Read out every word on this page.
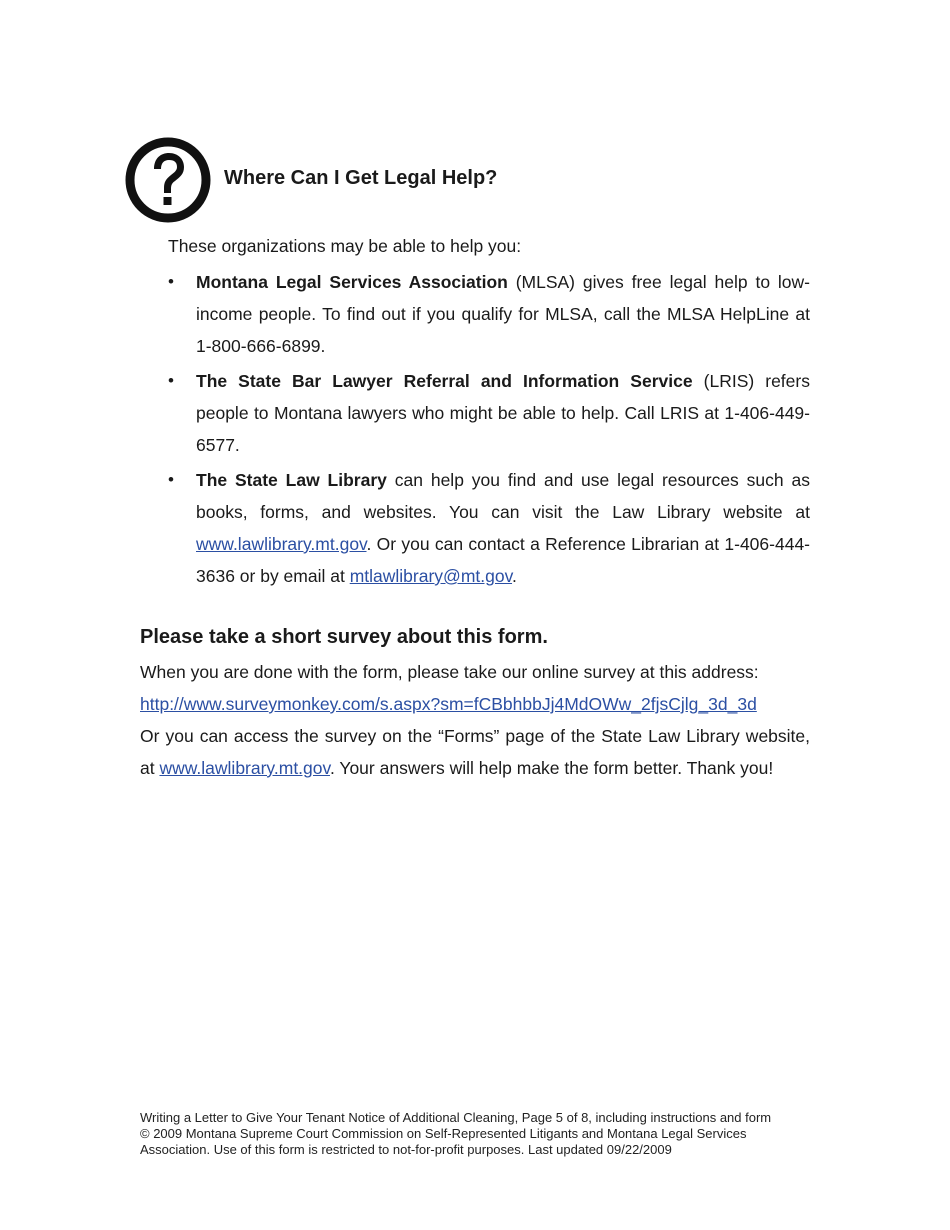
Where Can I Get Legal Help?

These organizations may be able to help you:

• Montana Legal Services Association (MLSA) gives free legal help to low-income people. To find out if you qualify for MLSA, call the MLSA HelpLine at 1-800-666-6899.
• The State Bar Lawyer Referral and Information Service (LRIS) refers people to Montana lawyers who might be able to help. Call LRIS at 1-406-449-6577.
• The State Law Library can help you find and use legal resources such as books, forms, and websites. You can visit the Law Library website at www.lawlibrary.mt.gov. Or you can contact a Reference Librarian at 1-406-444-3636 or by email at mtlawlibrary@mt.gov.
Please take a short survey about this form.

When you are done with the form, please take our online survey at this address:

http://www.surveymonkey.com/s.aspx?sm=fCBbhbbJj4MdOWw_2fjsCjlg_3d_3d

Or you can access the survey on the “Forms” page of the State Law Library website, at www.lawlibrary.mt.gov. Your answers will help make the form better. Thank you!

Writing a Letter to Give Your Tenant Notice of Additional Cleaning, Page 5 of 8, including instructions and form

© 2009 Montana Supreme Court Commission on Self-Represented Litigants and Montana Legal Services Association. Use of this form is restricted to not-for-profit purposes. Last updated 09/22/2009
